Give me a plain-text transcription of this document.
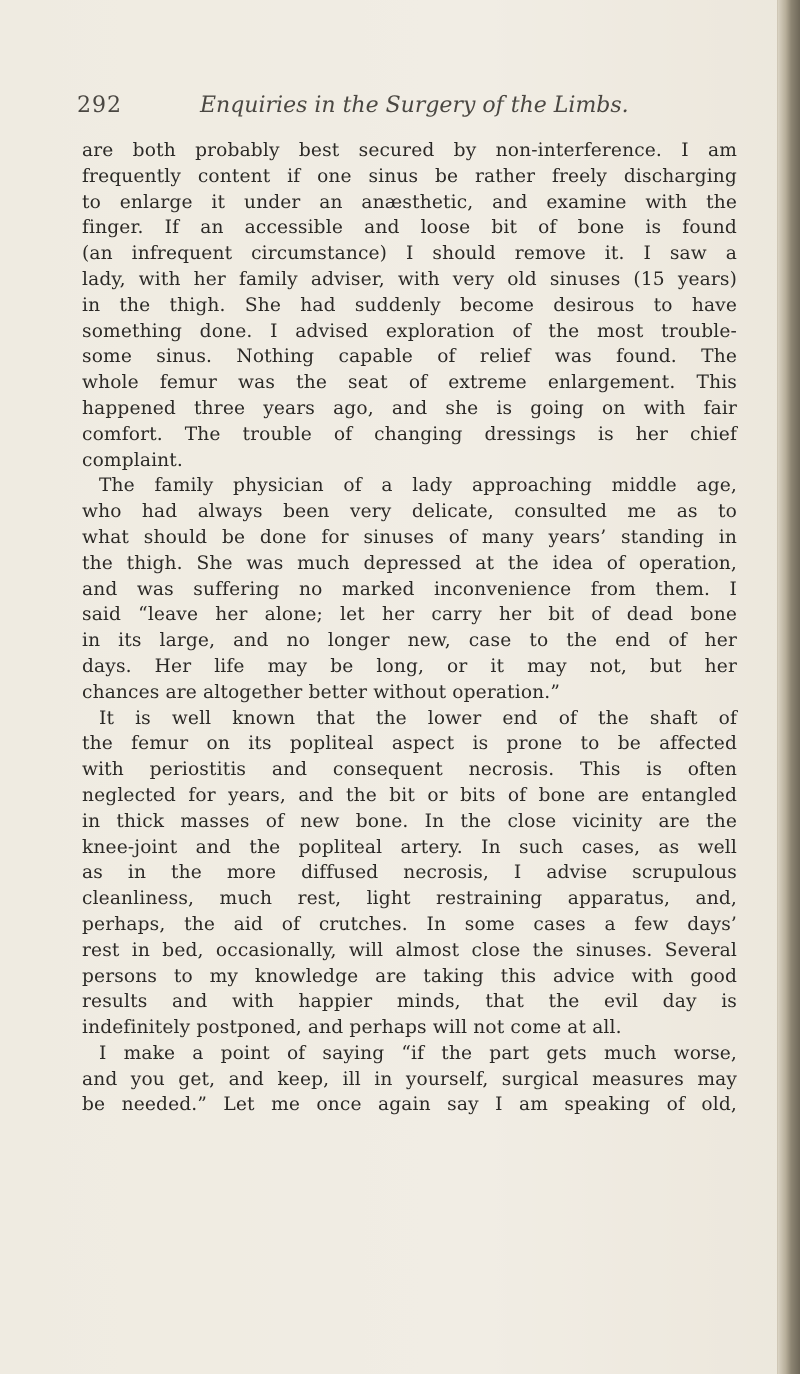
292	Enquiries in the Surgery of the Limbs.
are both probably best secured by non-interference. I am
frequently content if one sinus be rather freely discharging
to enlarge it under an anæsthetic, and examine with the
finger. If an accessible and loose bit of bone is found
(an infrequent circumstance) I should remove it. I saw a
lady, with her family adviser, with very old sinuses (15 years)
in the thigh. She had suddenly become desirous to have
something done. I advised exploration of the most trouble-
some sinus. Nothing capable of relief was found. The
whole femur was the seat of extreme enlargement. This
happened three years ago, and she is going on with fair
comfort. The trouble of changing dressings is her chief
complaint.
The family physician of a lady approaching middle age,
who had always been very delicate, consulted me as to
what should be done for sinuses of many years’ standing in
the thigh. She was much depressed at the idea of operation,
and was suffering no marked inconvenience from them. I
said “leave her alone; let her carry her bit of dead bone
in its large, and no longer new, case to the end of her
days. Her life may be long, or it may not, but her
chances are altogether better without operation.”
It is well known that the lower end of the shaft of
the femur on its popliteal aspect is prone to be affected
with periostitis and consequent necrosis. This is often
neglected for years, and the bit or bits of bone are entangled
in thick masses of new bone. In the close vicinity are the
knee-joint and the popliteal artery. In such cases, as well
as in the more diffused necrosis, I advise scrupulous
cleanliness, much rest, light restraining apparatus, and,
perhaps, the aid of crutches. In some cases a few days’
rest in bed, occasionally, will almost close the sinuses. Several
persons to my knowledge are taking this advice with good
results and with happier minds, that the evil day is
indefinitely postponed, and perhaps will not come at all.
I make a point of saying “if the part gets much worse,
and you get, and keep, ill in yourself, surgical measures may
be needed.” Let me once again say I am speaking of old,
